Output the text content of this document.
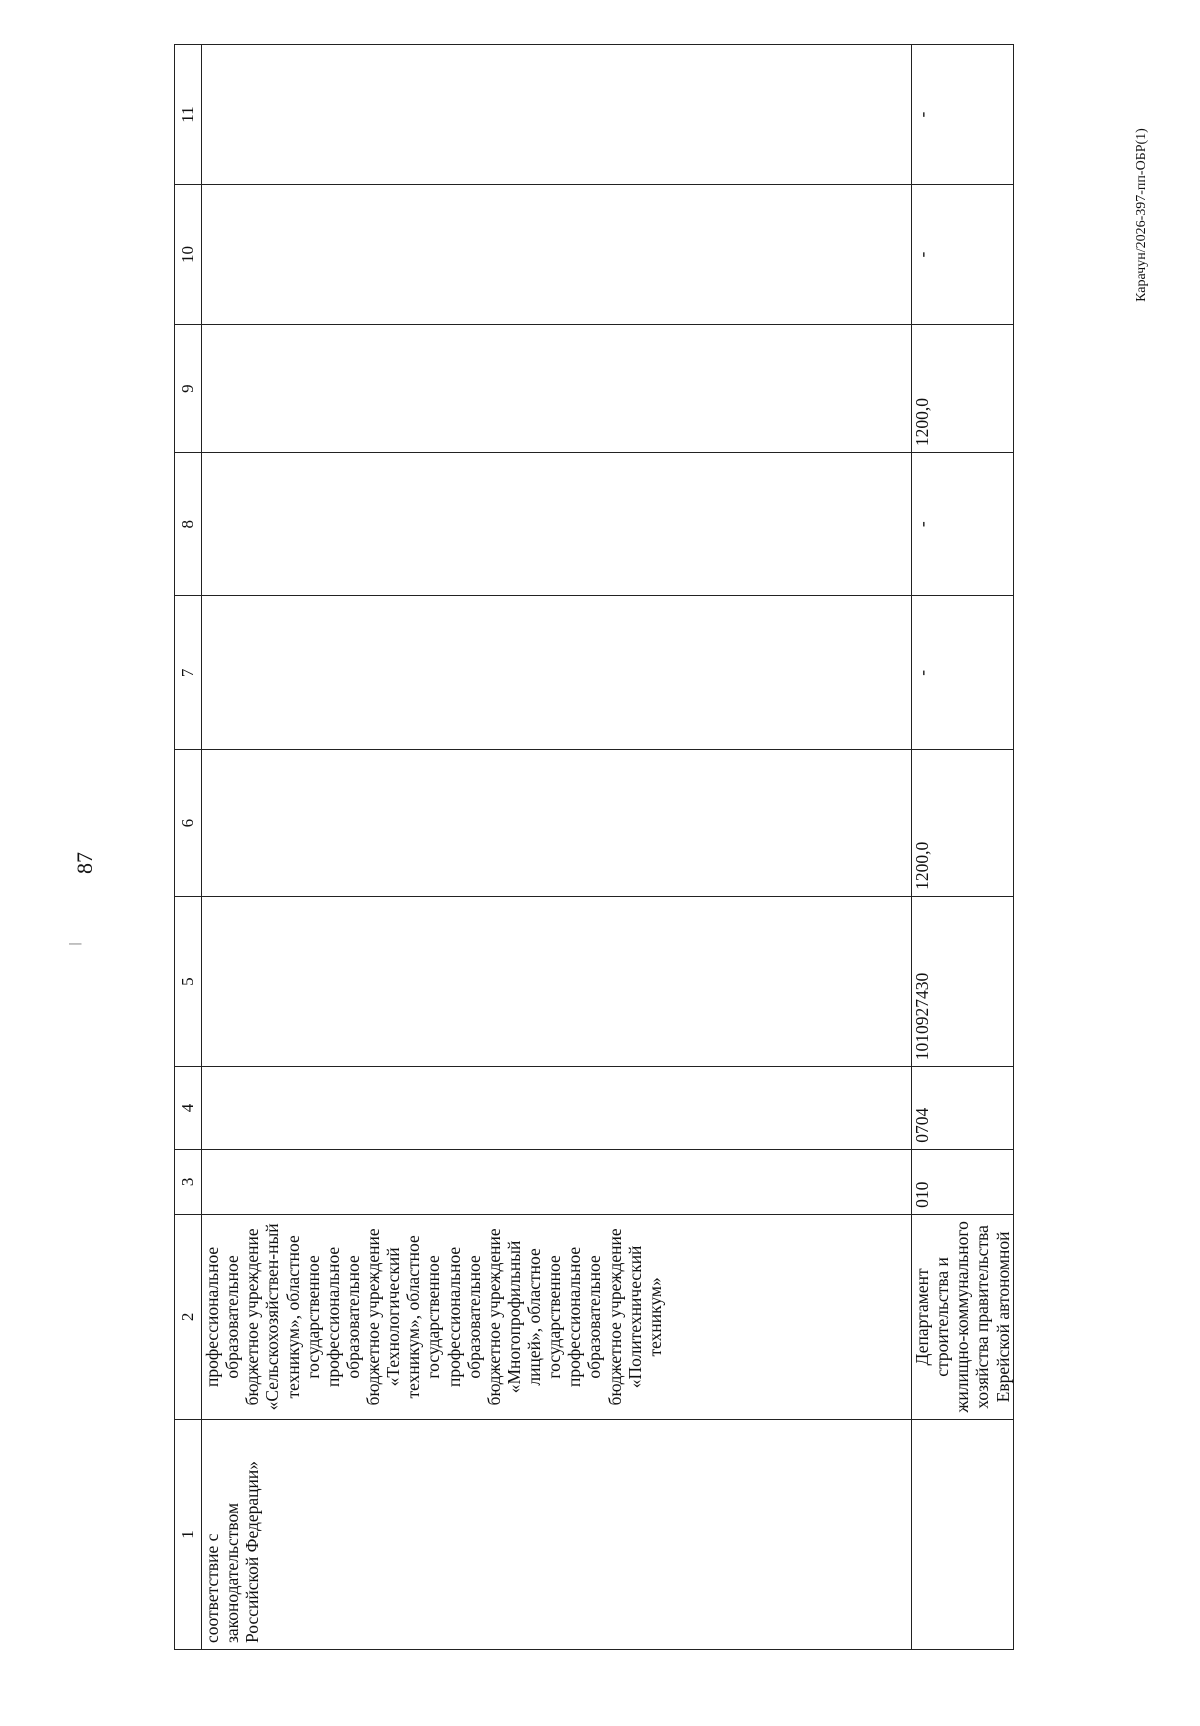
87
|
Карачун/2026-397-пп-ОБР(1)
1	2	3	4	5	6	7	8	9	10	11
соответствие с законодательством Российской Федерации»	профессиональное образовательное бюджетное учреждение «Сельскохозяйствен-ный техникум», областное государственное профессиональное образовательное бюджетное учреждение «Технологический техникум», областное государственное профессиональное образовательное бюджетное учреждение «Многопрофильный лицей», областное государственное профессиональное образовательное бюджетное учреждение «Политехнический техникум»									
	Департамент строительства и жилищно-коммунального хозяйства правительства Еврейской автономной	010	0704	1010927430	1200,0	-	-	1200,0	-	-
